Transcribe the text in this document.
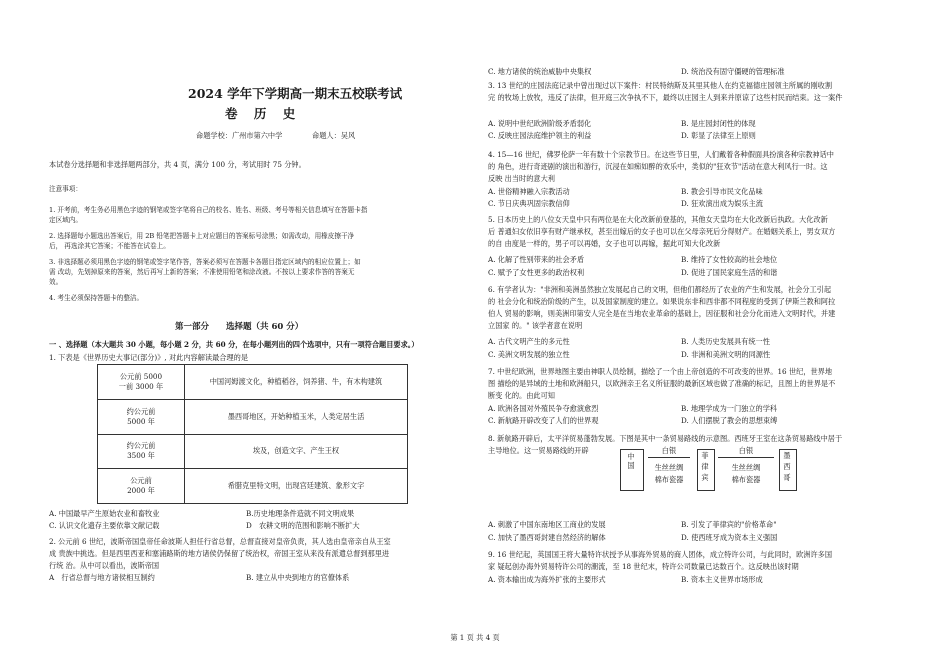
2024 学年下学期高一期末五校联考试
卷 历 史
命题学校：广州市第六中学	命题人：吴风
本试卷分选择题和非选择题两部分，共 4 页，满分 100 分，考试用时 75 分钟。
注意事项：
1. 开考前，考生务必用黑色字迹的钢笔或签字笔将自己的校名、姓名、班级、考号等相关信息填写在答题卡指
定区域内。
2. 选择题每小题选出答案后，用 2B 铅笔把答题卡上对应题目的答案标号涂黑；如需改动，用橡皮擦干净
后， 再选涂其它答案；不能答在试卷上。
3. 非选择题必须用黑色字迹的钢笔或签字笔作答，答案必须写在答题卡各题目指定区域内的相应位置上；如
需 改动，先划掉原来的答案，然后再写上新的答案；不准使用铅笔和涂改液。不按以上要求作答的答案无
效。
4. 考生必须保持答题卡的整洁。
第一部分　　选择题（共 60 分）
一 、选择题（本大题共 30 小题，每小题 2 分，共 60 分，在每小题列出的四个选项中，只有一项符合题目要求。）
1. 下表是《世界历史大事记(部分)》, 对此内容解读最合理的是
公元前 5000
一前 3000 年	中国河姆渡文化，种植稻谷，饲养猪、牛，有木构建筑
约公元前
5000 年	墨西哥地区，开始种植玉米，人类定居生活
约公元前
3500 年	埃及，创造文字、产生王权
公元前
2000 年	希腊克里特文明，出现宫廷建筑、象形文字
A. 中国最早产生原始农业和畜牧业	B.历史地理条件造就不同文明成果
C. 认识文化遗存主要依靠文献记载	D　农耕文明的范围和影响不断扩大
2. 公元前 6 世纪，波斯帝国皇帝任命波斯人担任行省总督，总督直接对皇帝负责，其人选由皇帝亲自从王室
成 贵族中挑选。但是西里西亚和塞浦路斯的地方诸侯仍保留了统治权，帝国王室从来没有派遣总督到那里进
行统 治。从中可以看出，波斯帝国
A　行省总督与地方诸侯相互制约	B. 建立从中央到地方的官僚体系
C. 地方诸侯的统治威胁中央集权	D. 统治没有固守僵硬的管理标准
3. 13 世纪的庄园法庭记录中曾出现过以下案件：村民特纳斯及其里其他人在约克福德庄园领主所属的刚收割
完 的牧场上放牧，违反了法律，但开庭三次争执不下，最终以庄园主人到来并原谅了这些村民而结束。这一案件
A. 说明中世纪欧洲阶级矛盾弱化	B. 是庄园封闭性的体现
C. 反映庄园法庭维护领主的利益	D. 彰显了法律至上原则
4. 15—16 世纪，佛罗伦萨一年有数十个宗教节日。在这些节日里，人们戴着各种假面具扮演各种宗教神话中
的 角色，进行奇迹剧的演出和游行，沉浸在如痴如醉的欢乐中，类似的"狂欢节"活动在意大利风行一时。这
反映 出当时的意大利
A. 世俗精神融入宗教活动	B. 教会引导市民文化品味
C. 节日庆典巩固宗教信仰	D. 狂欢演出成为娱乐主流
5. 日本历史上的八位女天皇中只有两位是在大化改新前登基的，其他女天皇均在大化改新后执政。大化改新
后 普通妇女依旧享有财产继承权，甚至出嫁后的女子也可以在父母亲死后分得财产。在婚姻关系上，男女双方
的自 由度是一样的，男子可以再婚，女子也可以再嫁，据此可知大化改新
A. 化解了性别带来的社会矛盾	B. 维持了女性较高的社会地位
C. 赋予了女性更多的政治权利	D. 促进了国民家庭生活的和谐
6. 有学者认为："非洲和美洲虽然独立发展起自己的文明，但他们都经历了农业的产生和发展，社会分工引起
的 社会分化和统治阶级的产生，以及国家制度的建立。如果说东非和西非都不同程度的受到了伊斯兰教和阿拉
伯人 贸易的影响，则美洲印第安人完全是在当地农业革命的基础上，因征服和社会分化而进入文明时代，并建
立国家 的。" 该学者意在说明
A. 古代文明产生的多元性	B. 人类历史发展具有统一性
C. 美洲文明发展的独立性	D. 非洲和美洲文明的同源性
7. 中世纪欧洲，世界地图主要由神职人员绘制，描绘了一个由上帝创造的不可改变的世界。16 世纪，世界地
图 描绘的是异域的土地和欧洲船只，以欧洲亲王名义所征服的最新区域也做了准确的标记，且图上的世界是不
断变 化的。由此可知
A. 欧洲各国对外殖民争夺愈演愈烈	B. 地理学成为一门独立的学科
C. 新航路开辟改变了人们的世界观	D. 人们摆脱了教会的思想束缚
8. 新航路开辟后，太平洋贸易蓬勃发展。下图是其中一条贸易路线的示意图。西班牙王室在这条贸易路线中居于
主导地位。这一贸易路线的开辟
中　国
白银
生丝丝绸
棉布瓷器
菲律宾
白银
生丝丝绸
棉布瓷器
墨西哥
A. 刺激了中国东南地区工商业的发展	B. 引发了菲律宾的"价格革命"
C. 加快了墨西哥封建自然经济的解体	D. 使西班牙成为资本主义强国
9. 16 世纪起，英国国王将大量特许状授予从事海外贸易的商人团体，成立特许公司，与此同时，欧洲许多国
家 疑起创办海外贸易特许公司的潮流，至 18 世纪末，特许公司数量已达数百个。这反映出该时期
A. 资本输出成为海外扩张的主要形式	B. 资本主义世界市场形成
第 1 页 共 4 页
